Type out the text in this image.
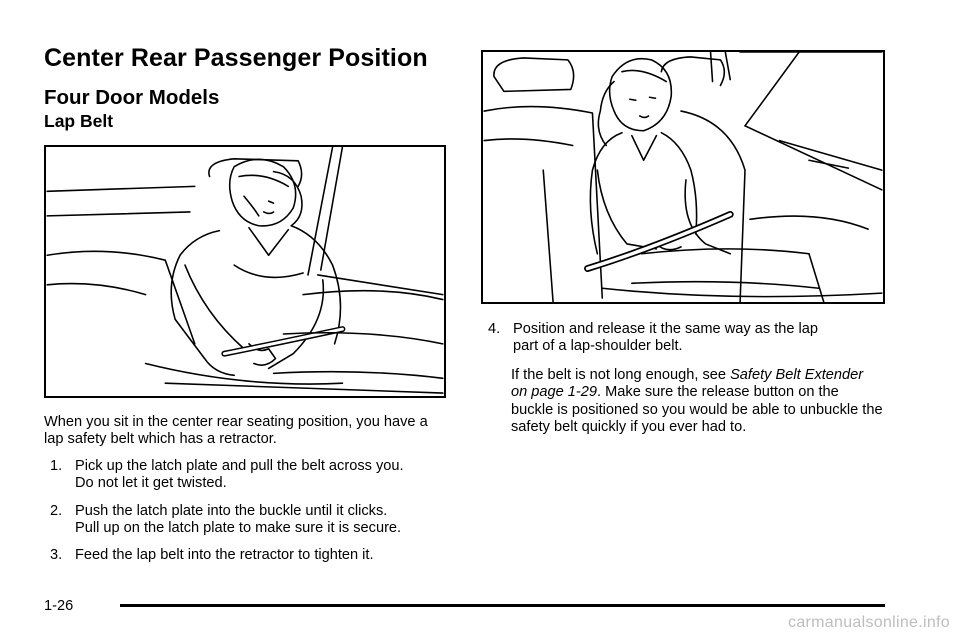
Center Rear Passenger Position
Four Door Models
Lap Belt
When you sit in the center rear seating position, you have a lap safety belt which has a retractor.
1. Pick up the latch plate and pull the belt across you.
Do not let it get twisted.
2. Push the latch plate into the buckle until it clicks.
Pull up on the latch plate to make sure it is secure.
3. Feed the lap belt into the retractor to tighten it.
4. Position and release it the same way as the lap
part of a lap-shoulder belt.
If the belt is not long enough, see Safety Belt Extender on page 1-29. Make sure the release button on the buckle is positioned so you would be able to unbuckle the safety belt quickly if you ever had to.
1-26
carmanualsonline.info
